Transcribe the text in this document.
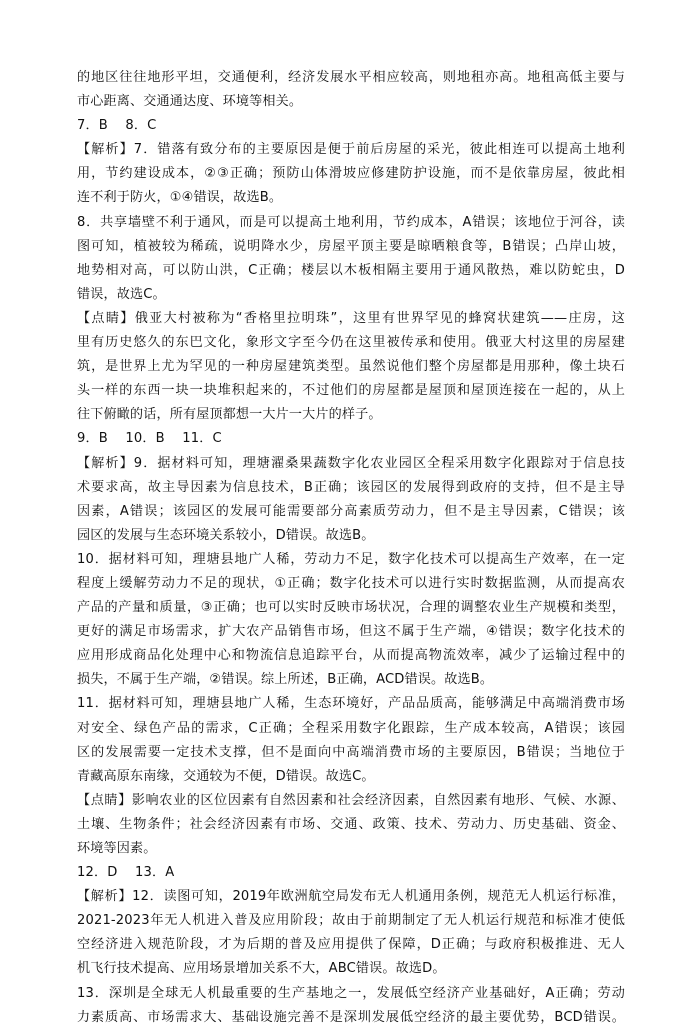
的地区往往地形平坦，交通便利，经济发展水平相应较高，则地租亦高。地租高低主要与
市心距离、交通通达度、环境等相关。
7．B　 8．C
【解析】7．错落有致分布的主要原因是便于前后房屋的采光，彼此相连可以提高土地利
用，节约建设成本，②③正确；预防山体滑坡应修建防护设施，而不是依靠房屋，彼此相
连不利于防火，①④错误，故选B。
8．共享墙壁不利于通风，而是可以提高土地利用，节约成本，A错误；该地位于河谷，读
图可知，植被较为稀疏，说明降水少，房屋平顶主要是晾晒粮食等，B错误；凸岸山坡，
地势相对高，可以防山洪，C正确；楼层以木板相隔主要用于通风散热，难以防蛇虫，D
错误，故选C。
【点睛】俄亚大村被称为“香格里拉明珠”，这里有世界罕见的蜂窝状建筑——庄房，这
里有历史悠久的东巴文化，象形文字至今仍在这里被传承和使用。俄亚大村这里的房屋建
筑，是世界上尤为罕见的一种房屋建筑类型。虽然说他们整个房屋都是用那种，像土块石
头一样的东西一块一块堆积起来的，不过他们的房屋都是屋顶和屋顶连接在一起的，从上
往下俯瞰的话，所有屋顶都想一大片一大片的样子。
9．B　 10．B　 11．C
【解析】9．据材料可知，理塘濯桑果蔬数字化农业园区全程采用数字化跟踪对于信息技
术要求高，故主导因素为信息技术，B正确；该园区的发展得到政府的支持，但不是主导
因素，A错误；该园区的发展可能需要部分高素质劳动力，但不是主导因素，C错误；该
园区的发展与生态环境关系较小，D错误。故选B。
10．据材料可知，理塘县地广人稀，劳动力不足，数字化技术可以提高生产效率，在一定
程度上缓解劳动力不足的现状，①正确；数字化技术可以进行实时数据监测，从而提高农
产品的产量和质量，③正确；也可以实时反映市场状况，合理的调整农业生产规模和类型，
更好的满足市场需求，扩大农产品销售市场，但这不属于生产端，④错误；数字化技术的
应用形成商品化处理中心和物流信息追踪平台，从而提高物流效率，减少了运输过程中的
损失，不属于生产端，②错误。综上所述，B正确，ACD错误。故选B。
11．据材料可知，理塘县地广人稀，生态环境好，产品品质高，能够满足中高端消费市场
对安全、绿色产品的需求，C正确；全程采用数字化跟踪，生产成本较高，A错误；该园
区的发展需要一定技术支撑，但不是面向中高端消费市场的主要原因，B错误；当地位于
青藏高原东南缘，交通较为不便，D错误。故选C。
【点睛】影响农业的区位因素有自然因素和社会经济因素，自然因素有地形、气候、水源、
土壤、生物条件；社会经济因素有市场、交通、政策、技术、劳动力、历史基础、资金、
环境等因素。
12．D　 13．A
【解析】12．读图可知，2019年欧洲航空局发布无人机通用条例，规范无人机运行标准，
2021-2023年无人机进入普及应用阶段；故由于前期制定了无人机运行规范和标准才使低
空经济进入规范阶段，才为后期的普及应用提供了保障，D正确；与政府积极推进、无人
机飞行技术提高、应用场景增加关系不大，ABC错误。故选D。
13．深圳是全球无人机最重要的生产基地之一，发展低空经济产业基础好，A正确；劳动
力素质高、市场需求大、基础设施完善不是深圳发展低空经济的最主要优势，BCD错误。
